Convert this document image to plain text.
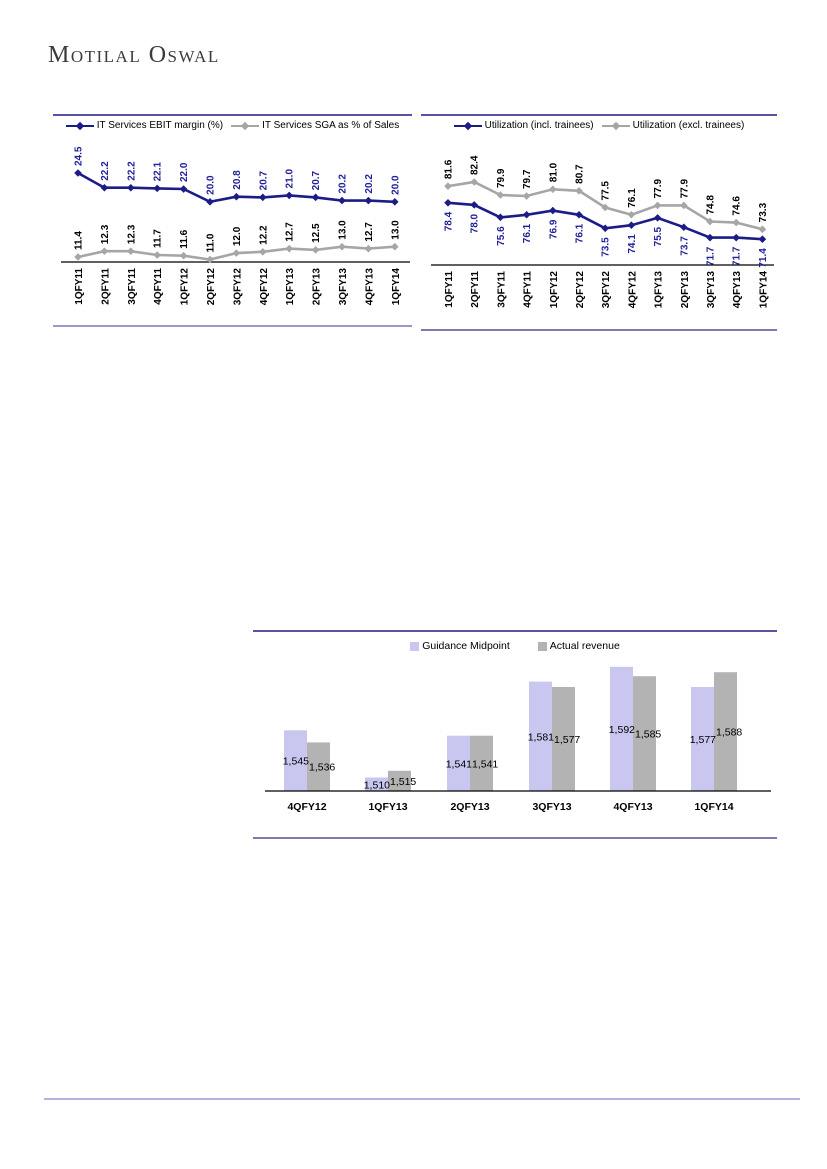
Motilal Oswal
IT Services EBIT margin (%)	IT Services SGA as % of Sales
11.4 12.3 12.3 11.7 11.6 11.0 12.0 12.2 12.7 12.5 13.0 12.7 13.0
24.5
22.2 22.2 22.1 22.0
20.0 20.8 20.7 21.0 20.7 20.2 20.2 20.0
1QFY11 2QFY11 3QFY11 4QFY11 1QFY12 2QFY12 3QFY12 4QFY12 1QFY13 2QFY13 3QFY13 4QFY13 1QFY14
Utilization (incl. trainees)	Utilization (excl. trainees)
81.6 82.4
79.9 79.7 81.0 80.7
77.5 76.1 77.9 77.9
74.8 74.6 73.3
78.4 78.0
75.6 76.1 76.9 76.1
73.5 74.1 75.5 73.7
71.7 71.7 71.4
1QFY11 2QFY11 3QFY11 4QFY11 1QFY12 2QFY12 3QFY12 4QFY12 1QFY13 2QFY13 3QFY13 4QFY13 1QFY14
Guidance Midpoint	Actual revenue
1,545
1,536
4QFY12
1,510 1,515
1QFY13
1,541 1,541
2QFY13
1,581 1,577
3QFY13
1,592 1,585
4QFY13
1,577
1,588
1QFY14
